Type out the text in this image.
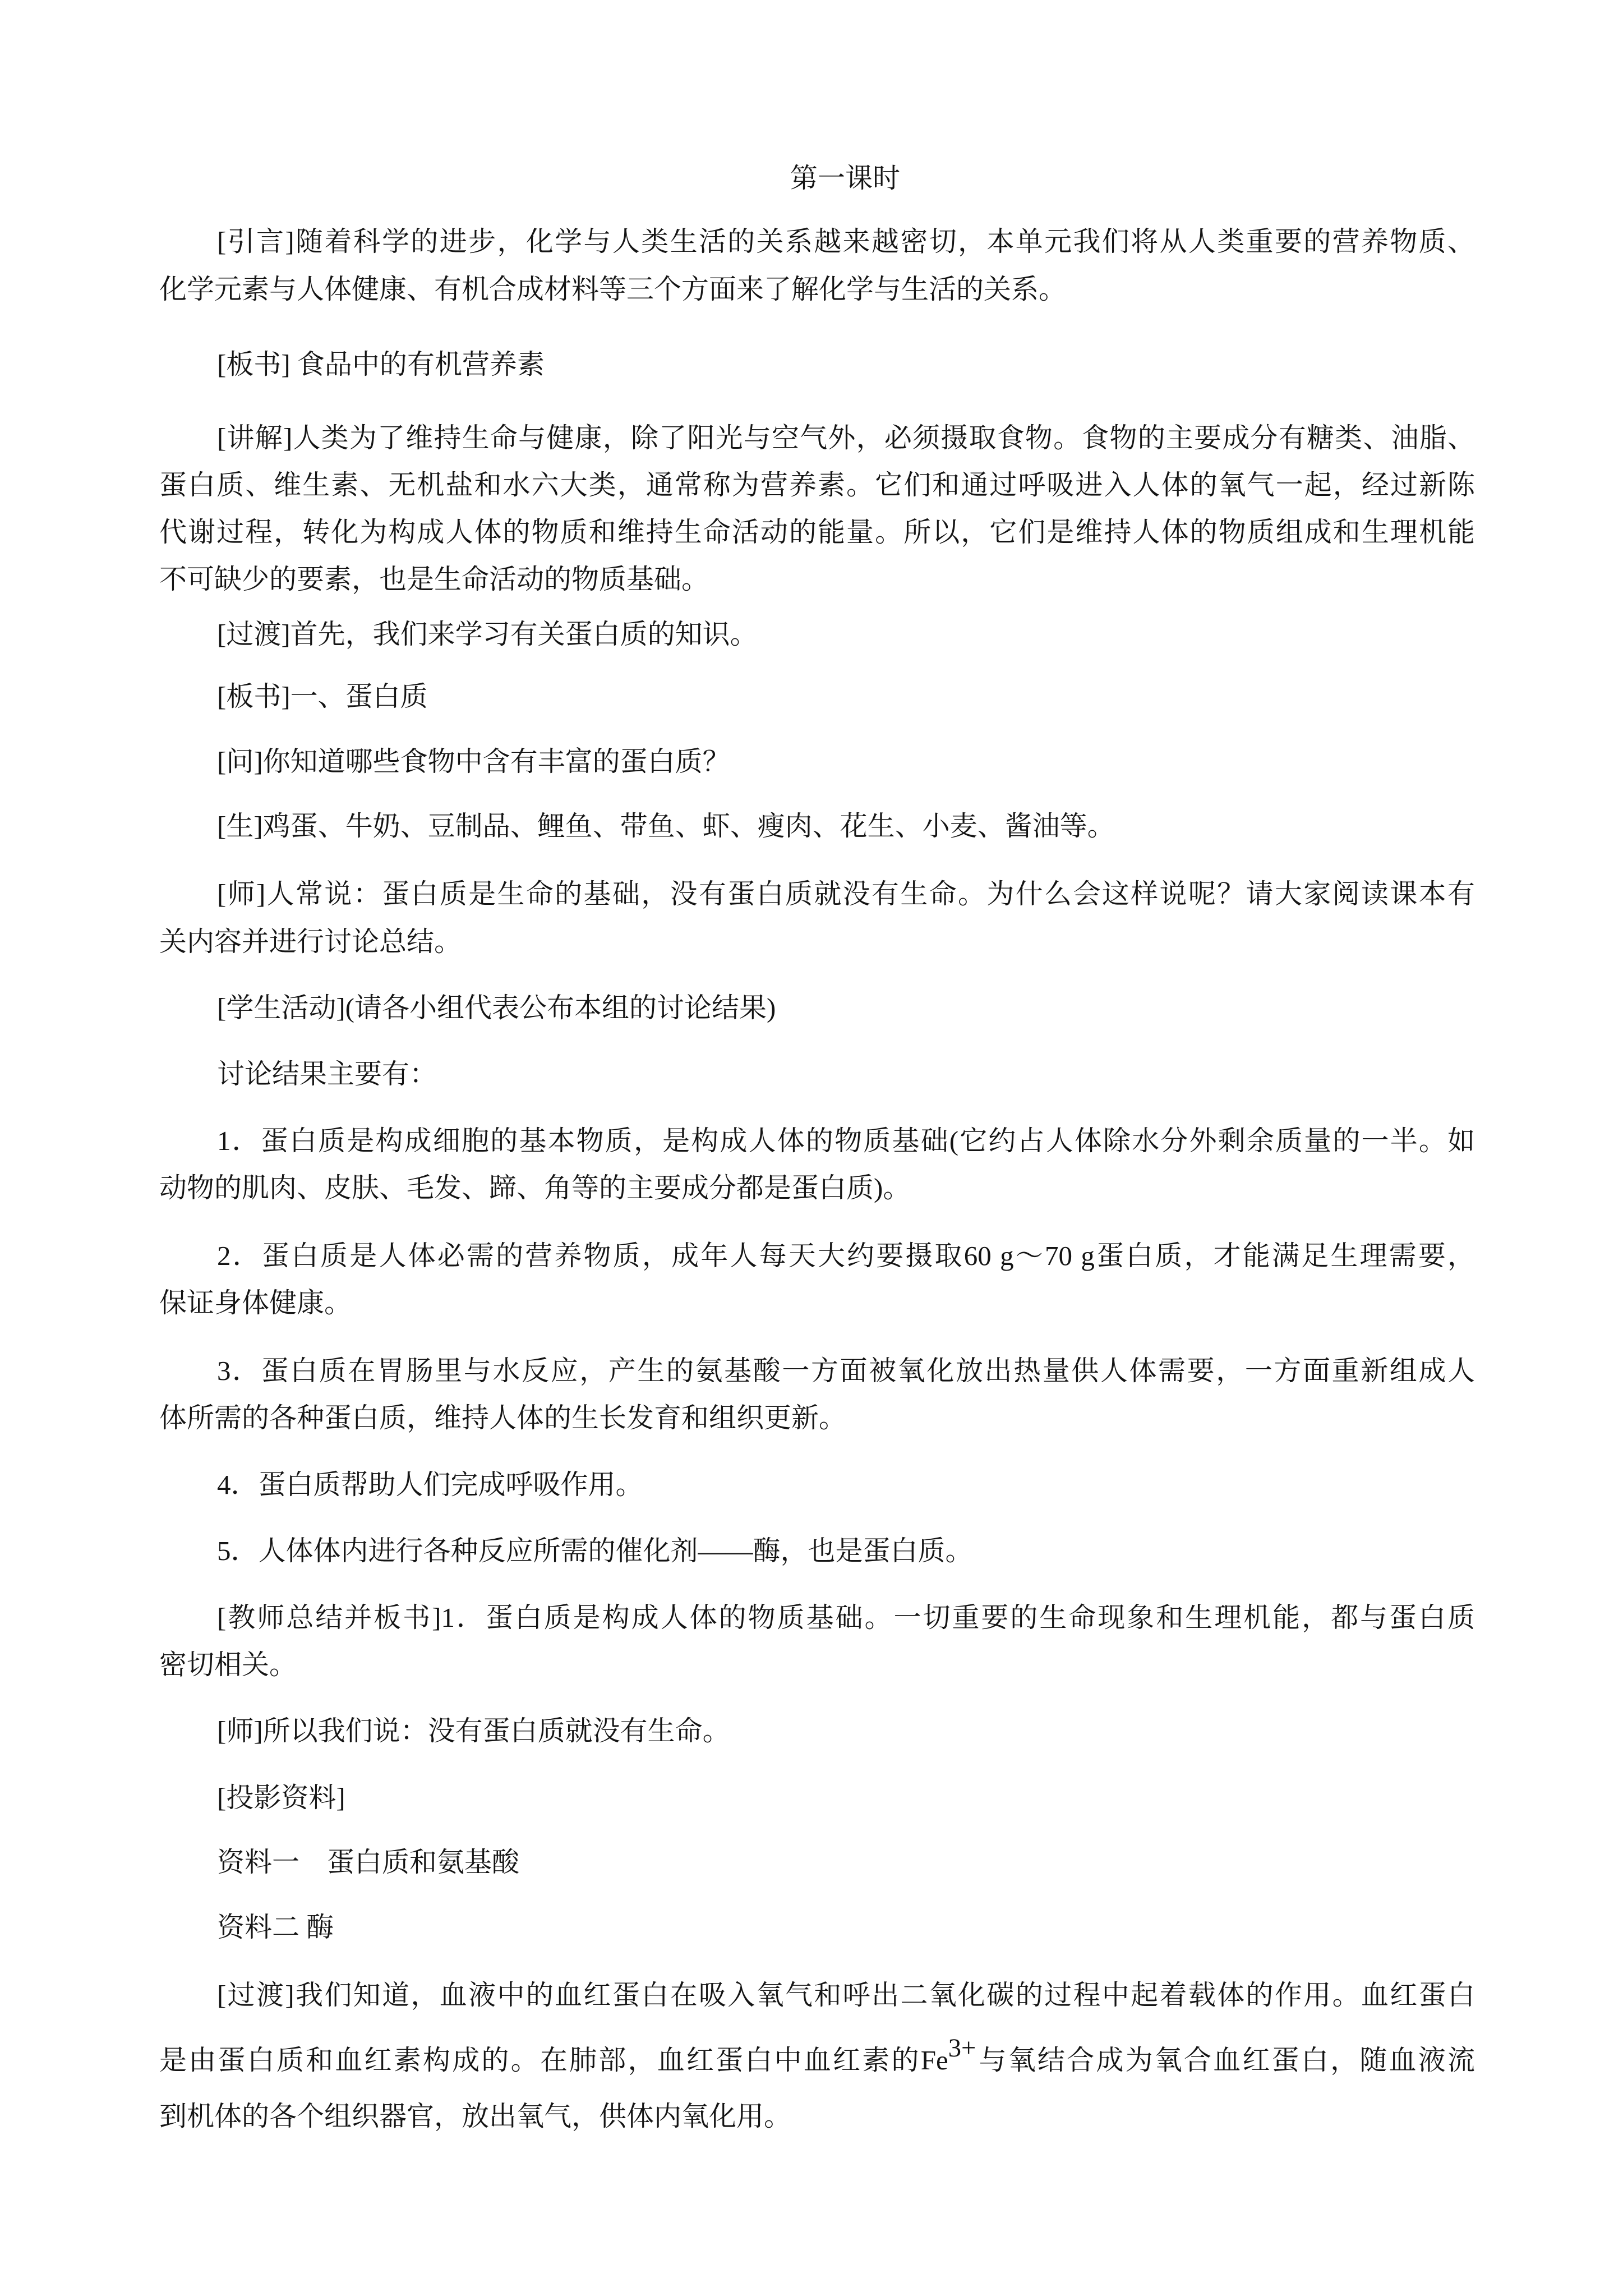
第一课时
[引言]随着科学的进步，化学与人类生活的关系越来越密切，本单元我们将从人类重要的营养物质、
化学元素与人体健康、有机合成材料等三个方面来了解化学与生活的关系。
[板书] 食品中的有机营养素
[讲解]人类为了维持生命与健康，除了阳光与空气外，必须摄取食物。食物的主要成分有糖类、油脂、
蛋白质、维生素、无机盐和水六大类，通常称为营养素。它们和通过呼吸进入人体的氧气一起，经过新陈
代谢过程，转化为构成人体的物质和维持生命活动的能量。所以，它们是维持人体的物质组成和生理机能
不可缺少的要素，也是生命活动的物质基础。
[过渡]首先，我们来学习有关蛋白质的知识。
[板书]一、蛋白质
[问]你知道哪些食物中含有丰富的蛋白质？
[生]鸡蛋、牛奶、豆制品、鲤鱼、带鱼、虾、瘦肉、花生、小麦、酱油等。
[师]人常说：蛋白质是生命的基础，没有蛋白质就没有生命。为什么会这样说呢？请大家阅读课本有
关内容并进行讨论总结。
[学生活动](请各小组代表公布本组的讨论结果)
讨论结果主要有：
1．蛋白质是构成细胞的基本物质，是构成人体的物质基础(它约占人体除水分外剩余质量的一半。如
动物的肌肉、皮肤、毛发、蹄、角等的主要成分都是蛋白质)。
2．蛋白质是人体必需的营养物质，成年人每天大约要摄取60 g～70 g蛋白质，才能满足生理需要，
保证身体健康。
3．蛋白质在胃肠里与水反应，产生的氨基酸一方面被氧化放出热量供人体需要，一方面重新组成人
体所需的各种蛋白质，维持人体的生长发育和组织更新。
4．蛋白质帮助人们完成呼吸作用。
5．人体体内进行各种反应所需的催化剂——酶，也是蛋白质。
[教师总结并板书]1．蛋白质是构成人体的物质基础。一切重要的生命现象和生理机能，都与蛋白质
密切相关。
[师]所以我们说：没有蛋白质就没有生命。
[投影资料]
资料一　蛋白质和氨基酸
资料二 酶
[过渡]我们知道，血液中的血红蛋白在吸入氧气和呼出二氧化碳的过程中起着载体的作用。血红蛋白
是由蛋白质和血红素构成的。在肺部，血红蛋白中血红素的Fe3+与氧结合成为氧合血红蛋白，随血液流
到机体的各个组织器官，放出氧气，供体内氧化用。
